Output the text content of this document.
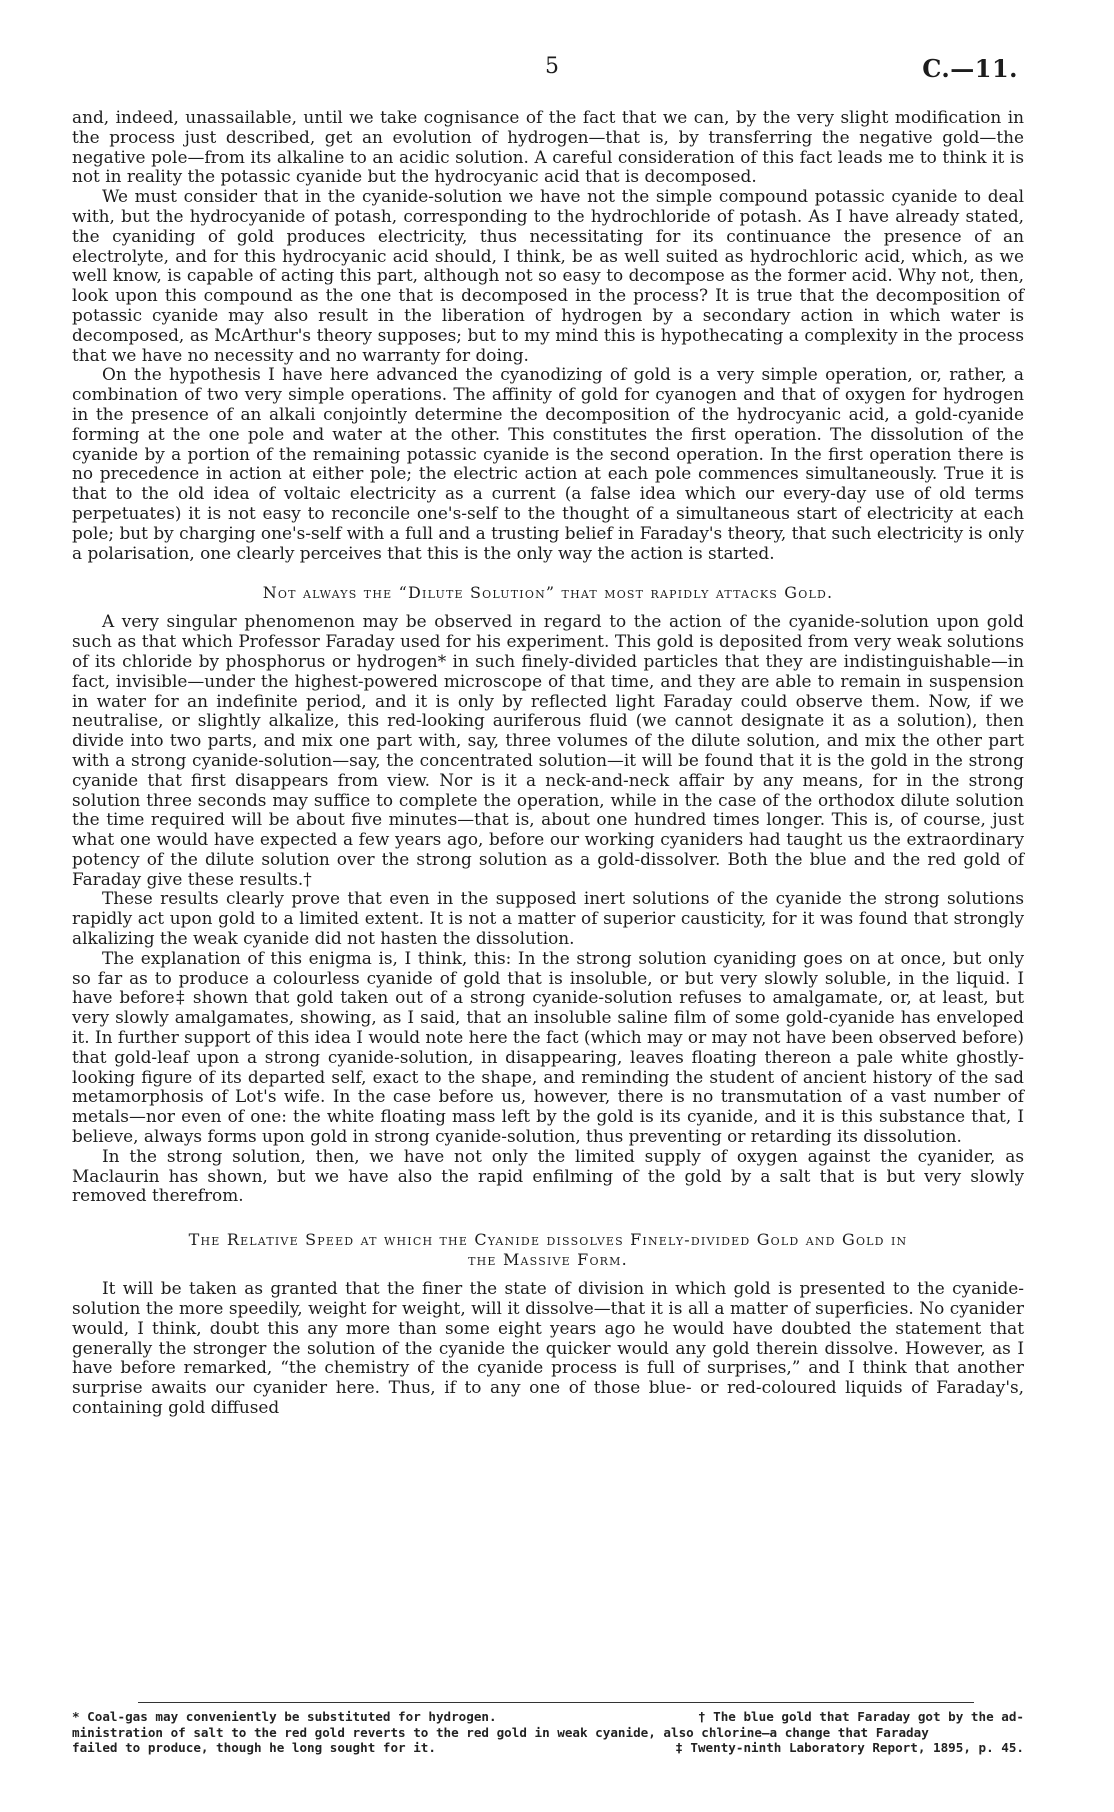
5	C.—11.

and, indeed, unassailable, until we take cognisance of the fact that we can, by the very slight modification in the process just described, get an evolution of hydrogen—that is, by transferring the negative gold—the negative pole—from its alkaline to an acidic solution. A careful consideration of this fact leads me to think it is not in reality the potassic cyanide but the hydrocyanic acid that is decomposed.

We must consider that in the cyanide-solution we have not the simple compound potassic cyanide to deal with, but the hydrocyanide of potash, corresponding to the hydrochloride of potash. As I have already stated, the cyaniding of gold produces electricity, thus necessitating for its continuance the presence of an electrolyte, and for this hydrocyanic acid should, I think, be as well suited as hydrochloric acid, which, as we well know, is capable of acting this part, although not so easy to decompose as the former acid. Why not, then, look upon this compound as the one that is decomposed in the process? It is true that the decomposition of potassic cyanide may also result in the liberation of hydrogen by a secondary action in which water is decomposed, as McArthur's theory supposes; but to my mind this is hypothecating a complexity in the process that we have no necessity and no warranty for doing.

On the hypothesis I have here advanced the cyanodizing of gold is a very simple operation, or, rather, a combination of two very simple operations. The affinity of gold for cyanogen and that of oxygen for hydrogen in the presence of an alkali conjointly determine the decomposition of the hydrocyanic acid, a gold-cyanide forming at the one pole and water at the other. This constitutes the first operation. The dissolution of the cyanide by a portion of the remaining potassic cyanide is the second operation. In the first operation there is no precedence in action at either pole; the electric action at each pole commences simultaneously. True it is that to the old idea of voltaic electricity as a current (a false idea which our every-day use of old terms perpetuates) it is not easy to reconcile one's-self to the thought of a simultaneous start of electricity at each pole; but by charging one's-self with a full and a trusting belief in Faraday's theory, that such electricity is only a polarisation, one clearly perceives that this is the only way the action is started.

Not always the “Dilute Solution” that most rapidly attacks Gold.

A very singular phenomenon may be observed in regard to the action of the cyanide-solution upon gold such as that which Professor Faraday used for his experiment. This gold is deposited from very weak solutions of its chloride by phosphorus or hydrogen* in such finely-divided particles that they are indistinguishable—in fact, invisible—under the highest-powered microscope of that time, and they are able to remain in suspension in water for an indefinite period, and it is only by reflected light Faraday could observe them. Now, if we neutralise, or slightly alkalize, this red-looking auriferous fluid (we cannot designate it as a solution), then divide into two parts, and mix one part with, say, three volumes of the dilute solution, and mix the other part with a strong cyanide-solution—say, the concentrated solution—it will be found that it is the gold in the strong cyanide that first disappears from view. Nor is it a neck-and-neck affair by any means, for in the strong solution three seconds may suffice to complete the operation, while in the case of the orthodox dilute solution the time required will be about five minutes—that is, about one hundred times longer. This is, of course, just what one would have expected a few years ago, before our working cyaniders had taught us the extraordinary potency of the dilute solution over the strong solution as a gold-dissolver. Both the blue and the red gold of Faraday give these results.†

These results clearly prove that even in the supposed inert solutions of the cyanide the strong solutions rapidly act upon gold to a limited extent. It is not a matter of superior causticity, for it was found that strongly alkalizing the weak cyanide did not hasten the dissolution.

The explanation of this enigma is, I think, this: In the strong solution cyaniding goes on at once, but only so far as to produce a colourless cyanide of gold that is insoluble, or but very slowly soluble, in the liquid. I have before‡ shown that gold taken out of a strong cyanide-solution refuses to amalgamate, or, at least, but very slowly amalgamates, showing, as I said, that an insoluble saline film of some gold-cyanide has enveloped it. In further support of this idea I would note here the fact (which may or may not have been observed before) that gold-leaf upon a strong cyanide-solution, in disappearing, leaves floating thereon a pale white ghostly-looking figure of its departed self, exact to the shape, and reminding the student of ancient history of the sad metamorphosis of Lot's wife. In the case before us, however, there is no transmutation of a vast number of metals—nor even of one: the white floating mass left by the gold is its cyanide, and it is this substance that, I believe, always forms upon gold in strong cyanide-solution, thus preventing or retarding its dissolution.

In the strong solution, then, we have not only the limited supply of oxygen against the cyanider, as Maclaurin has shown, but we have also the rapid enfilming of the gold by a salt that is but very slowly removed therefrom.

The Relative Speed at which the Cyanide dissolves Finely-divided Gold and Gold in
the Massive Form.

It will be taken as granted that the finer the state of division in which gold is presented to the cyanide-solution the more speedily, weight for weight, will it dissolve—that it is all a matter of superficies. No cyanider would, I think, doubt this any more than some eight years ago he would have doubted the statement that generally the stronger the solution of the cyanide the quicker would any gold therein dissolve. However, as I have before remarked, “the chemistry of the cyanide process is full of surprises,” and I think that another surprise awaits our cyanider here. Thus, if to any one of those blue- or red-coloured liquids of Faraday's, containing gold diffused

* Coal-gas may conveniently be substituted for hydrogen.	† The blue gold that Faraday got by the ad-
ministration of salt to the red gold reverts to the red gold in weak cyanide, also chlorine—a change that Faraday
failed to produce, though he long sought for it.	‡ Twenty-ninth Laboratory Report, 1895, p. 45.
